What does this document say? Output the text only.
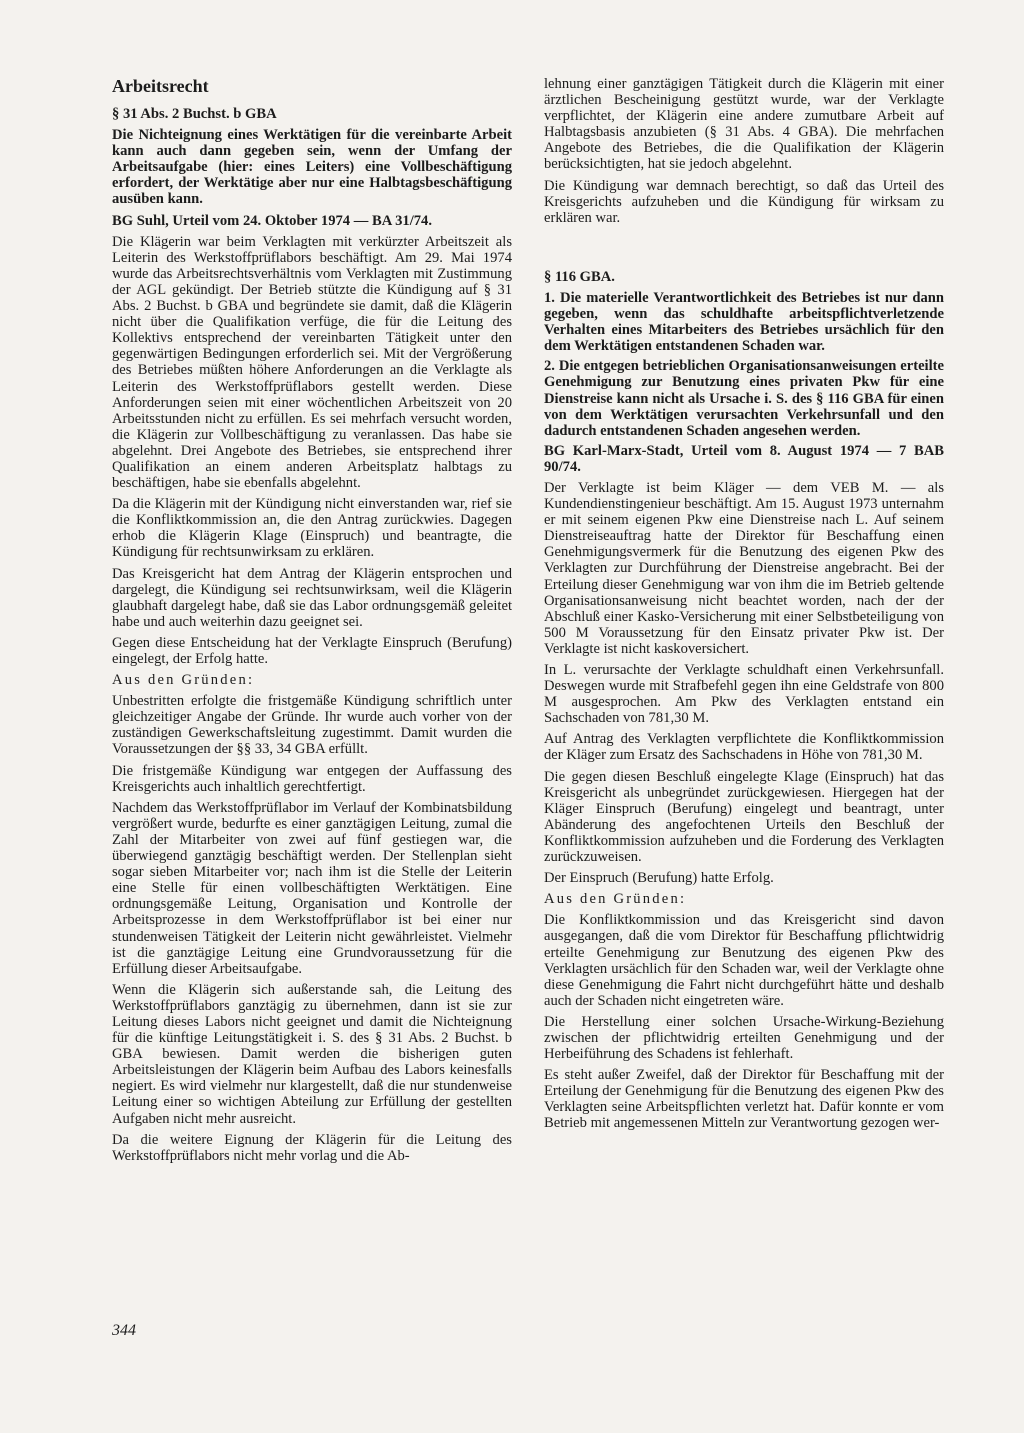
Arbeitsrecht

§ 31 Abs. 2 Buchst. b GBA

Die Nichteignung eines Werktätigen für die vereinbarte Arbeit kann auch dann gegeben sein, wenn der Umfang der Arbeitsaufgabe (hier: eines Leiters) eine Vollbeschäftigung erfordert, der Werktätige aber nur eine Halbtagsbeschäftigung ausüben kann.

BG Suhl, Urteil vom 24. Oktober 1974 — BA 31/74.

Die Klägerin war beim Verklagten mit verkürzter Arbeitszeit als Leiterin des Werkstoffprüflabors beschäftigt. Am 29. Mai 1974 wurde das Arbeitsrechtsverhältnis vom Verklagten mit Zustimmung der AGL gekündigt. Der Betrieb stützte die Kündigung auf § 31 Abs. 2 Buchst. b GBA und begründete sie damit, daß die Klägerin nicht über die Qualifikation verfüge, die für die Leitung des Kollektivs entsprechend der vereinbarten Tätigkeit unter den gegenwärtigen Bedingungen erforderlich sei. Mit der Vergrößerung des Betriebes müßten höhere Anforderungen an die Verklagte als Leiterin des Werkstoffprüflabors gestellt werden. Diese Anforderungen seien mit einer wöchentlichen Arbeitszeit von 20 Arbeitsstunden nicht zu erfüllen. Es sei mehrfach versucht worden, die Klägerin zur Vollbeschäftigung zu veranlassen. Das habe sie abgelehnt. Drei Angebote des Betriebes, sie entsprechend ihrer Qualifikation an einem anderen Arbeitsplatz halbtags zu beschäftigen, habe sie ebenfalls abgelehnt.

Da die Klägerin mit der Kündigung nicht einverstanden war, rief sie die Konfliktkommission an, die den Antrag zurückwies. Dagegen erhob die Klägerin Klage (Einspruch) und beantragte, die Kündigung für rechtsunwirksam zu erklären.

Das Kreisgericht hat dem Antrag der Klägerin entsprochen und dargelegt, die Kündigung sei rechtsunwirksam, weil die Klägerin glaubhaft dargelegt habe, daß sie das Labor ordnungsgemäß geleitet habe und auch weiterhin dazu geeignet sei.

Gegen diese Entscheidung hat der Verklagte Einspruch (Berufung) eingelegt, der Erfolg hatte.

Aus den Gründen:

Unbestritten erfolgte die fristgemäße Kündigung schriftlich unter gleichzeitiger Angabe der Gründe. Ihr wurde auch vorher von der zuständigen Gewerkschaftsleitung zugestimmt. Damit wurden die Voraussetzungen der §§ 33, 34 GBA erfüllt.

Die fristgemäße Kündigung war entgegen der Auffassung des Kreisgerichts auch inhaltlich gerechtfertigt.

Nachdem das Werkstoffprüflabor im Verlauf der Kombinatsbildung vergrößert wurde, bedurfte es einer ganztägigen Leitung, zumal die Zahl der Mitarbeiter von zwei auf fünf gestiegen war, die überwiegend ganztägig beschäftigt werden. Der Stellenplan sieht sogar sieben Mitarbeiter vor; nach ihm ist die Stelle der Leiterin eine Stelle für einen vollbeschäftigten Werktätigen. Eine ordnungsgemäße Leitung, Organisation und Kontrolle der Arbeitsprozesse in dem Werkstoffprüflabor ist bei einer nur stundenweisen Tätigkeit der Leiterin nicht gewährleistet. Vielmehr ist die ganztägige Leitung eine Grundvoraussetzung für die Erfüllung dieser Arbeitsaufgabe.

Wenn die Klägerin sich außerstande sah, die Leitung des Werkstoffprüflabors ganztägig zu übernehmen, dann ist sie zur Leitung dieses Labors nicht geeignet und damit die Nichteignung für die künftige Leitungstätigkeit i. S. des § 31 Abs. 2 Buchst. b GBA bewiesen. Damit werden die bisherigen guten Arbeitsleistungen der Klägerin beim Aufbau des Labors keinesfalls negiert. Es wird vielmehr nur klargestellt, daß die nur stundenweise Leitung einer so wichtigen Abteilung zur Erfüllung der gestellten Aufgaben nicht mehr ausreicht.

Da die weitere Eignung der Klägerin für die Leitung des Werkstoffprüflabors nicht mehr vorlag und die Ab-

lehnung einer ganztägigen Tätigkeit durch die Klägerin mit einer ärztlichen Bescheinigung gestützt wurde, war der Verklagte verpflichtet, der Klägerin eine andere zumutbare Arbeit auf Halbtagsbasis anzubieten (§ 31 Abs. 4 GBA). Die mehrfachen Angebote des Betriebes, die die Qualifikation der Klägerin berücksichtigten, hat sie jedoch abgelehnt.

Die Kündigung war demnach berechtigt, so daß das Urteil des Kreisgerichts aufzuheben und die Kündigung für wirksam zu erklären war.

§ 116 GBA.

1. Die materielle Verantwortlichkeit des Betriebes ist nur dann gegeben, wenn das schuldhafte arbeitspflichtverletzende Verhalten eines Mitarbeiters des Betriebes ursächlich für den dem Werktätigen entstandenen Schaden war.

2. Die entgegen betrieblichen Organisationsanweisungen erteilte Genehmigung zur Benutzung eines privaten Pkw für eine Dienstreise kann nicht als Ursache i. S. des § 116 GBA für einen von dem Werktätigen verursachten Verkehrsunfall und den dadurch entstandenen Schaden angesehen werden.

BG Karl-Marx-Stadt, Urteil vom 8. August 1974 — 7 BAB 90/74.

Der Verklagte ist beim Kläger — dem VEB M. — als Kundendienstingenieur beschäftigt. Am 15. August 1973 unternahm er mit seinem eigenen Pkw eine Dienstreise nach L. Auf seinem Dienstreiseauftrag hatte der Direktor für Beschaffung einen Genehmigungsvermerk für die Benutzung des eigenen Pkw des Verklagten zur Durchführung der Dienstreise angebracht. Bei der Erteilung dieser Genehmigung war von ihm die im Betrieb geltende Organisationsanweisung nicht beachtet worden, nach der der Abschluß einer Kasko-Versicherung mit einer Selbstbeteiligung von 500 M Voraussetzung für den Einsatz privater Pkw ist. Der Verklagte ist nicht kaskoversichert.

In L. verursachte der Verklagte schuldhaft einen Verkehrsunfall. Deswegen wurde mit Strafbefehl gegen ihn eine Geldstrafe von 800 M ausgesprochen. Am Pkw des Verklagten entstand ein Sachschaden von 781,30 M.

Auf Antrag des Verklagten verpflichtete die Konfliktkommission der Kläger zum Ersatz des Sachschadens in Höhe von 781,30 M.

Die gegen diesen Beschluß eingelegte Klage (Einspruch) hat das Kreisgericht als unbegründet zurückgewiesen. Hiergegen hat der Kläger Einspruch (Berufung) eingelegt und beantragt, unter Abänderung des angefochtenen Urteils den Beschluß der Konfliktkommission aufzuheben und die Forderung des Verklagten zurückzuweisen.

Der Einspruch (Berufung) hatte Erfolg.

Aus den Gründen:

Die Konfliktkommission und das Kreisgericht sind davon ausgegangen, daß die vom Direktor für Beschaffung pflichtwidrig erteilte Genehmigung zur Benutzung des eigenen Pkw des Verklagten ursächlich für den Schaden war, weil der Verklagte ohne diese Genehmigung die Fahrt nicht durchgeführt hätte und deshalb auch der Schaden nicht eingetreten wäre.

Die Herstellung einer solchen Ursache-Wirkung-Beziehung zwischen der pflichtwidrig erteilten Genehmigung und der Herbeiführung des Schadens ist fehlerhaft.

Es steht außer Zweifel, daß der Direktor für Beschaffung mit der Erteilung der Genehmigung für die Benutzung des eigenen Pkw des Verklagten seine Arbeitspflichten verletzt hat. Dafür konnte er vom Betrieb mit angemessenen Mitteln zur Verantwortung gezogen wer-

344
